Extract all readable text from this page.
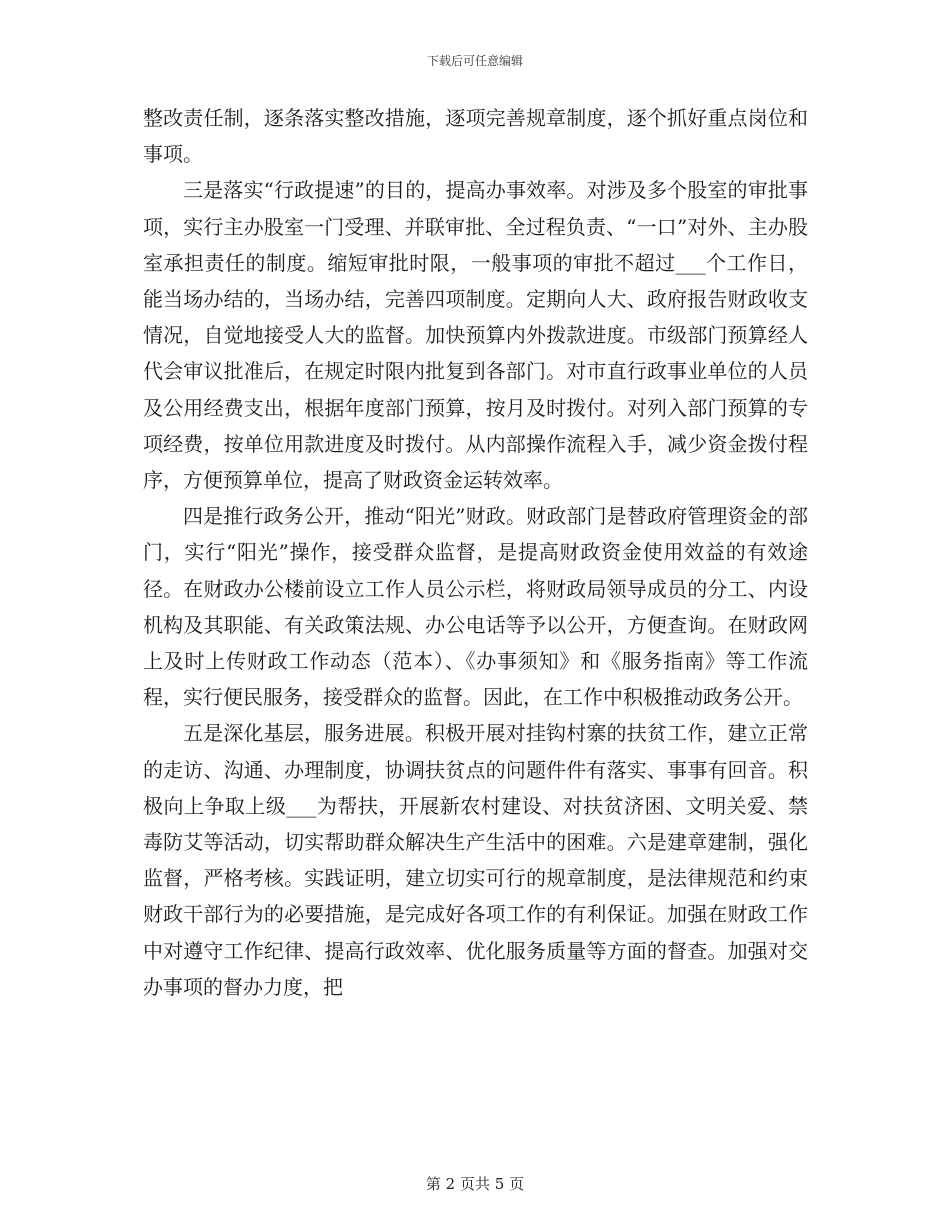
下载后可任意编辑

整改责任制，逐条落实整改措施，逐项完善规章制度，逐个抓好重点岗位和事项。

三是落实“行政提速”的目的，提高办事效率。对涉及多个股室的审批事项，实行主办股室一门受理、并联审批、全过程负责、“一口”对外、主办股室承担责任的制度。缩短审批时限，一般事项的审批不超过___个工作日，能当场办结的，当场办结，完善四项制度。定期向人大、政府报告财政收支情况，自觉地接受人大的监督。加快预算内外拨款进度。市级部门预算经人代会审议批准后，在规定时限内批复到各部门。对市直行政事业单位的人员及公用经费支出，根据年度部门预算，按月及时拨付。对列入部门预算的专项经费，按单位用款进度及时拨付。从内部操作流程入手，减少资金拨付程序，方便预算单位，提高了财政资金运转效率。

四是推行政务公开，推动“阳光”财政。财政部门是替政府管理资金的部门，实行“阳光”操作，接受群众监督，是提高财政资金使用效益的有效途径。在财政办公楼前设立工作人员公示栏，将财政局领导成员的分工、内设机构及其职能、有关政策法规、办公电话等予以公开，方便查询。在财政网上及时上传财政工作动态（范本）、《办事须知》和《服务指南》等工作流程，实行便民服务，接受群众的监督。因此，在工作中积极推动政务公开。

五是深化基层，服务进展。积极开展对挂钩村寨的扶贫工作，建立正常的走访、沟通、办理制度，协调扶贫点的问题件件有落实、事事有回音。积极向上争取上级___为帮扶，开展新农村建设、对扶贫济困、文明关爱、禁毒防艾等活动，切实帮助群众解决生产生活中的困难。六是建章建制，强化监督，严格考核。实践证明，建立切实可行的规章制度，是法律规范和约束财政干部行为的必要措施，是完成好各项工作的有利保证。加强在财政工作中对遵守工作纪律、提高行政效率、优化服务质量等方面的督查。加强对交办事项的督办力度，把

第 2 页共 5 页
